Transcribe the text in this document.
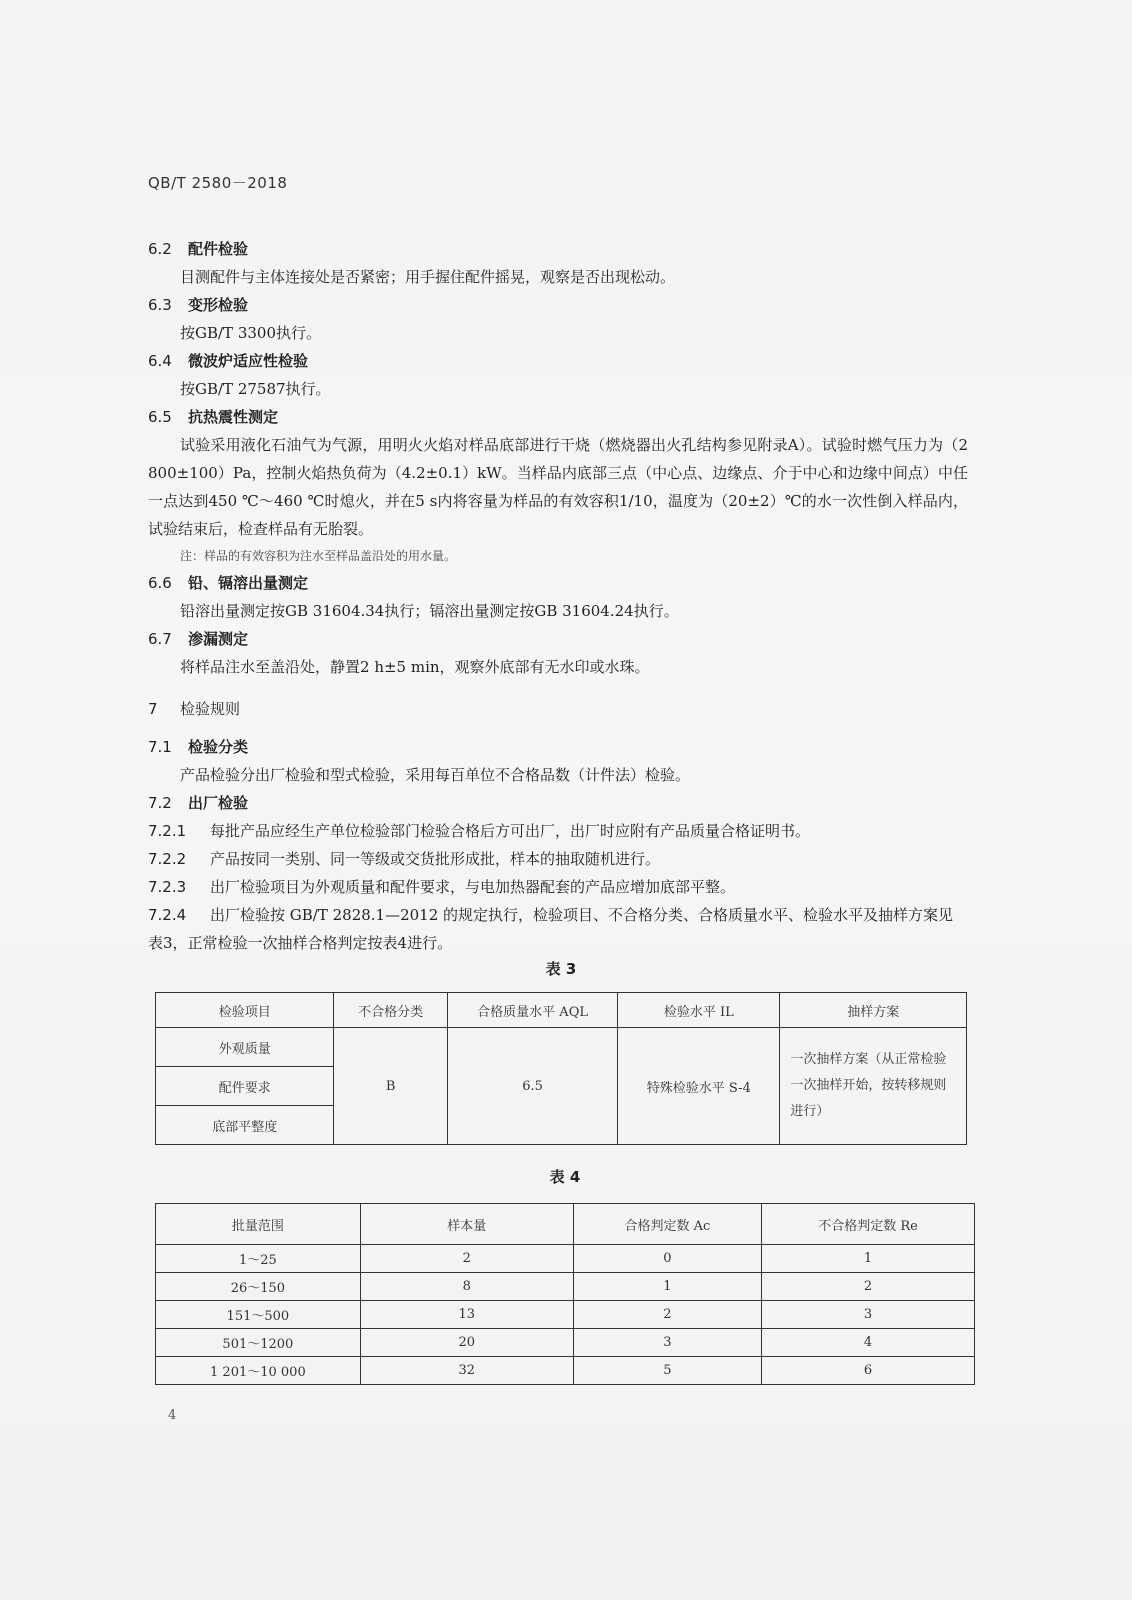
QB/T 2580－2018

6.2 配件检验

目测配件与主体连接处是否紧密；用手握住配件摇晃，观察是否出现松动。

6.3 变形检验

按GB/T 3300执行。

6.4 微波炉适应性检验

按GB/T 27587执行。

6.5 抗热震性测定

试验采用液化石油气为气源，用明火火焰对样品底部进行干烧（燃烧器出火孔结构参见附录A）。试验时燃气压力为（2 800±100）Pa，控制火焰热负荷为（4.2±0.1）kW。当样品内底部三点（中心点、边缘点、介于中心和边缘中间点）中任一点达到450 ℃～460 ℃时熄火，并在5 s内将容量为样品的有效容积1/10，温度为（20±2）℃的水一次性倒入样品内，试验结束后，检查样品有无胎裂。

注：样品的有效容积为注水至样品盖沿处的用水量。

6.6 铅、镉溶出量测定

铅溶出量测定按GB 31604.34执行；镉溶出量测定按GB 31604.24执行。

6.7 渗漏测定

将样品注水至盖沿处，静置2 h±5 min，观察外底部有无水印或水珠。

7 检验规则

7.1 检验分类

产品检验分出厂检验和型式检验，采用每百单位不合格品数（计件法）检验。

7.2 出厂检验

7.2.1 每批产品应经生产单位检验部门检验合格后方可出厂，出厂时应附有产品质量合格证明书。

7.2.2 产品按同一类别、同一等级或交货批形成批，样本的抽取随机进行。

7.2.3 出厂检验项目为外观质量和配件要求，与电加热器配套的产品应增加底部平整。

7.2.4 出厂检验按 GB/T 2828.1—2012 的规定执行，检验项目、不合格分类、合格质量水平、检验水平及抽样方案见表3，正常检验一次抽样合格判定按表4进行。

表 3

检验项目	不合格分类	合格质量水平 AQL	检验水平 IL	抽样方案
外观质量	B	6.5	特殊检验水平 S-4	一次抽样方案（从正常检验一次抽样开始，按转移规则进行）
配件要求				
底部平整度				

表 4

批量范围	样本量	合格判定数 Ac	不合格判定数 Re
1～25	2	0	1
26～150	8	1	2
151～500	13	2	3
501～1200	20	3	4
1 201～10 000	32	5	6
4
